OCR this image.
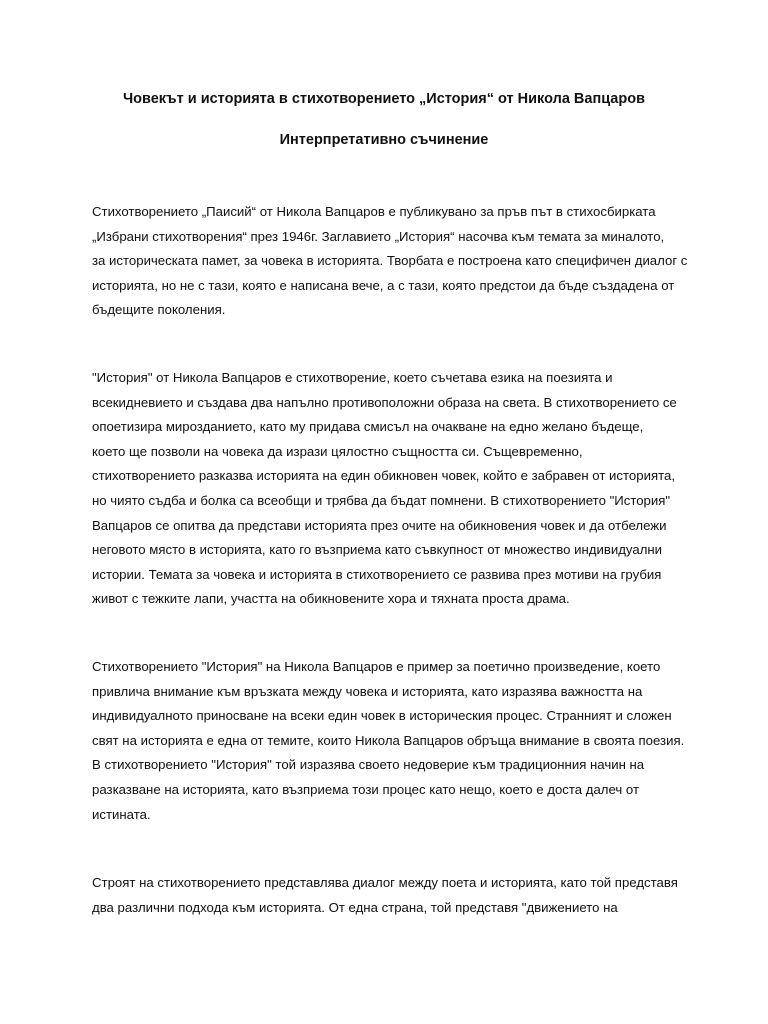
Човекът и историята в стихотворението „История“ от Никола Вапцаров
Интерпретативно съчинение

Стихотворението „Паисий“ от Никола Вапцаров е публикувано за пръв път в стихосбирката
„Избрани стихотворения“ през 1946г. Заглавието „История“ насочва към темата за миналото,
за историческата памет, за човека в историята. Творбата е построена като специфичен диалог с
историята, но не с тази, която е написана вече, а с тази, която предстои да бъде създадена от
бъдещите поколения.

"История" от Никола Вапцаров е стихотворение, което съчетава езика на поезията и
всекидневието и създава два напълно противоположни образа на света. В стихотворението се
опоетизира мирозданието, като му придава смисъл на очакване на едно желано бъдеще,
което ще позволи на човека да изрази цялостно същността си. Същевременно,
стихотворението разказва историята на един обикновен човек, който е забравен от историята,
но чиято съдба и болка са всеобщи и трябва да бъдат помнени. В стихотворението "История"
Вапцаров се опитва да представи историята през очите на обикновения човек и да отбележи
неговото място в историята, като го възприема като съвкупност от множество индивидуални
истории. Темата за човека и историята в стихотворението се развива през мотиви на грубия
живот с тежките лапи, участта на обикновените хора и тяхната проста драма.

Стихотворението "История" на Никола Вапцаров е пример за поетично произведение, което
привлича внимание към връзката между човека и историята, като изразява важността на
индивидуалното приносване на всеки един човек в историческия процес. Странният и сложен
свят на историята е една от темите, които Никола Вапцаров обръща внимание в своята поезия.
В стихотворението "История" той изразява своето недоверие към традиционния начин на
разказване на историята, като възприема този процес като нещо, което е доста далеч от
истината.

Строят на стихотворението представлява диалог между поета и историята, като той представя
два различни подхода към историята. От една страна, той представя "движението на
